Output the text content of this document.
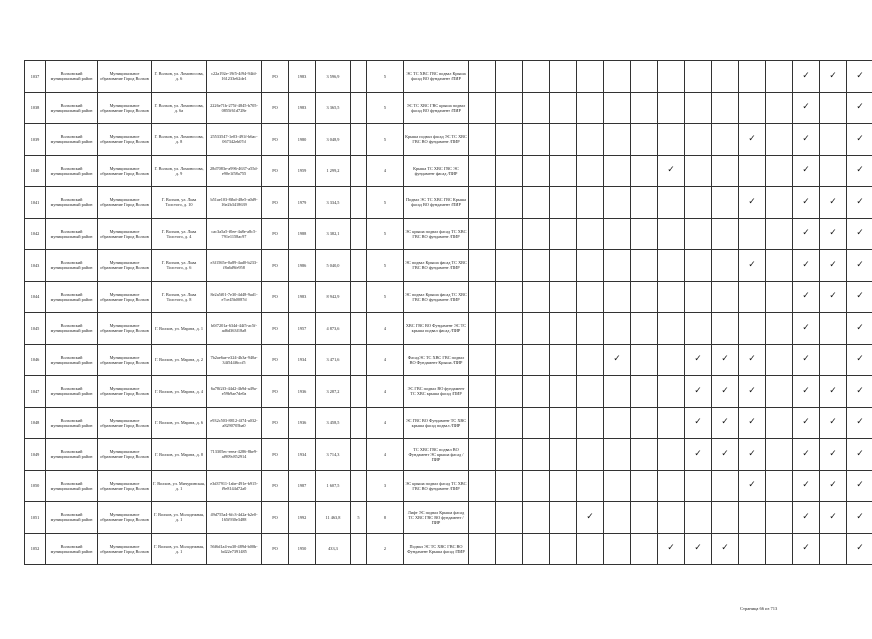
1037	Волховский муниципальный район	Муниципальное образование Город Волхов	Г. Волхов, ул. Ломоносова, д. 6	c22a192e-19f5-4f94-94fd-161233e62de1	РО	1983	3 596,9		5	ЭС ТС ХВС ГВС подвал Крыша фасад ВО фундамент /ПИР													✓	✓	✓
1038	Волховский муниципальный район	Муниципальное образование Город Волхов	Г. Волхов, ул. Ломоносова, д. 6а	2226e71b-275f-4845-b705-0855f61d728e	РО	1983	3 365,5		5	ЭС ТС ХВС ГВС крыша подвал фасад ВО фундамент /ПИР													✓		✓
1039	Волховский муниципальный район	Муниципальное образование Город Волхов	Г. Волхов, ул. Ломоносова, д. 8	25533547-1e03-491f-b6ac-067342eb07d	РО	1980	3 048,9		5	Крыша подвал фасад ЭС ТС ХВС ГВС ВО фундамент /ПИР											✓		✓		✓
1040	Волховский муниципальный район	Муниципальное образование Город Волхов	Г. Волхов, ул. Ломоносова, д. 9	28d7083e-a996-4637-a55d-e90e1f58a755	РО	1959	1 299,2		4	Крыша ТС ХВС ГВС ЭС фундамент фасад /ПИР								✓					✓		✓
1041	Волховский муниципальный район	Муниципальное образование Город Волхов	Г. Волхов, ул. Льва Толстого, д. 10	b51ae103-8fbd-48e5-a0d9-16e2b3418639	РО	1979	3 334,5		5	Подвал ЭС ТС ХВС ГВС Крыша фасад ВО фундамент /ПИР											✓		✓	✓	✓
1042	Волховский муниципальный район	Муниципальное образование Город Волхов	Г. Волхов, ул. Льва Толстого, д. 4	cac3a5a5-f0ee-4a8e-a8c5-791e1158ac97	РО	1988	3 382,1		5	ЭС крыша подвал фасад ТС ХВС ГВС ВО фундамент /ПИР													✓	✓	✓
1043	Волховский муниципальный район	Муниципальное образование Город Волхов	Г. Волхов, ул. Льва Толстого, д. 6	e3f1565e-0a89-4ad0-b233-f8a6d9fe958	РО	1986	5 040,0		5	ЭС подвал Крыша фасад ТС ХВС ГВС ВО фундамент /ПИР											✓		✓	✓	✓
1044	Волховский муниципальный район	Муниципальное образование Город Волхов	Г. Волхов, ул. Льва Толстого, д. 8	8e2a5f01-7e30-4d48-9ad1-e7ce45b0087d	РО	1983	8 942,9		5	ЭС подвал Крыша фасад ТС ХВС ГВС ВО фундамент /ПИР													✓	✓	✓
1045	Волховский муниципальный район	Муниципальное образование Город Волхов	Г. Волхов, ул. Марата, д. 1	b0f7201a-634d-44f5-ac5f-ad6d363f18a8	РО	1957	4 873,6		4	ХВС ГВС ВО Фундамент ЭС ТС крыша подвал фасад /ПИР													✓		✓
1046	Волховский муниципальный район	Муниципальное образование Город Волхов	Г. Волхов, ул. Марата, д. 2	7b2ae6ae-e324-4b3a-940a-34f544f6ccf5	РО	1934	3 471,6		4	ФасадЭС ТС ХВС ГВС подвал ВО Фундамент Крыша /ПИР						✓			✓	✓	✓		✓		✓
1047	Волховский муниципальный район	Муниципальное образование Город Волхов	Г. Волхов, ул. Марата, д. 4	6a78f2f3-44d2-4b9d-a49a-e59b9ae7de0a	РО	1936	3 287,2		4	ЭС ГВС подвал ВО фундамент ТС ХВС крыша фасад /ПИР									✓	✓	✓		✓	✓	✓
1048	Волховский муниципальный район	Муниципальное образование Город Волхов	Г. Волхов, ул. Марата, д. 6	e932c503-8812-4f74-a032-a8290705ba0	РО	1936	3 458,5		4	ЭС ГВС ВО Фундамент ТС ХВС крыша фасад подвал /ПИР									✓	✓	✓		✓	✓	✓
1049	Волховский муниципальный район	Муниципальное образование Город Волхов	Г. Волхов, ул. Марата, д. 8	713305ec-eeea-4286-8be9-af909c852914	РО	1934	3 714,3		4	ТС ХВС ГВС подвал ВО Фундамент ЭС крыша фасад /ПИР									✓	✓	✓		✓	✓	✓
1050	Волховский муниципальный район	Муниципальное образование Город Волхов	Г. Волхов, ул. Мичуринская, д. 1	e3d37911-1abe-491e-b915-f9e8144d72a0	РО	1987	1 607,5		3	ЭС крыша подвал фасад ТС ХВС ГВС ВО фундамент /ПИР											✓		✓	✓	✓
1051	Волховский муниципальный район	Муниципальное образование Город Волхов	Г. Волхов, ул. Молодежная, д. 1	49d755a4-6fc3-4d2a-b2e0-165f930e3488	РО	1992	11 463,8	5	8	Лифт ЭС подвал Крыша фасад ТС ХВС ГВС ВО фундамент /ПИР					✓								✓	✓	✓
1052	Волховский муниципальный район	Муниципальное образование Город Волхов	Г. Волхов, ул. Молодежная, д. 1	56f6d1a4-ea30-489d-b00b-bd22e7391485	РО	1950	433,3		2	Подвал ЭС ТС ХВС ГВС ВО Фундамент Крыша фасад /ПИР								✓	✓	✓			✓		✓
Страница 66 из 713
